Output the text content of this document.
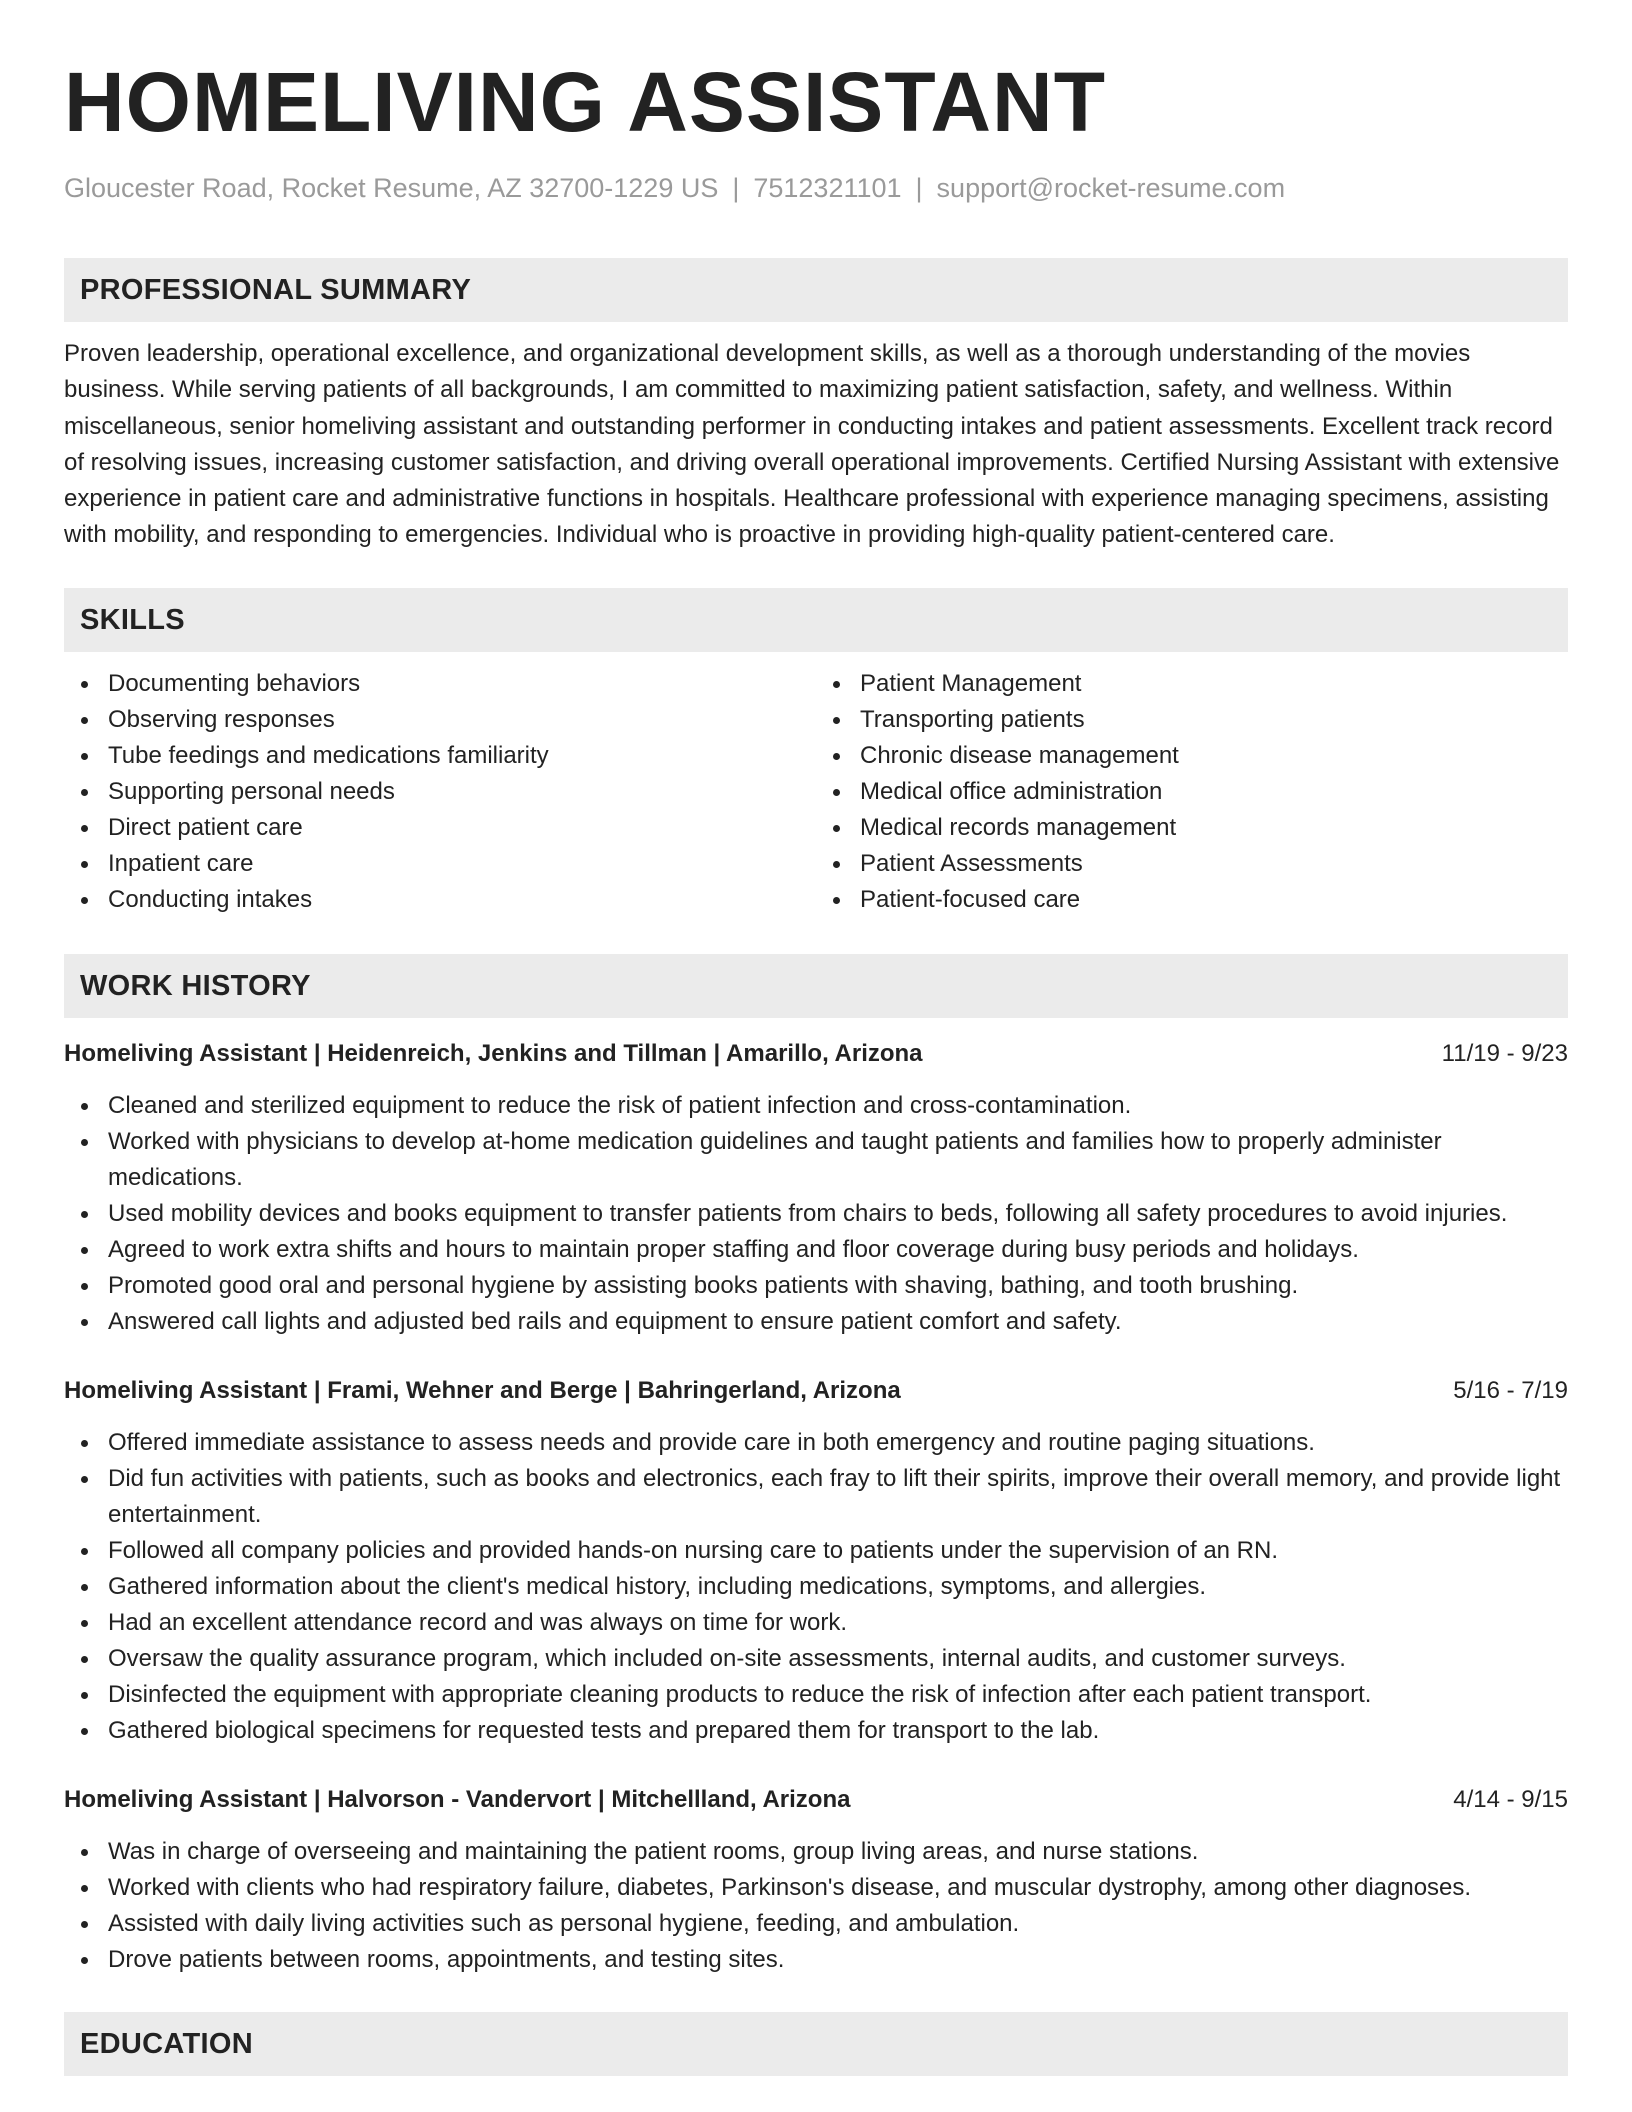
HOMELIVING ASSISTANT
Gloucester Road, Rocket Resume, AZ 32700-1229 US | 7512321101 | support@rocket-resume.com
PROFESSIONAL SUMMARY
Proven leadership, operational excellence, and organizational development skills, as well as a thorough understanding of the movies business. While serving patients of all backgrounds, I am committed to maximizing patient satisfaction, safety, and wellness. Within miscellaneous, senior homeliving assistant and outstanding performer in conducting intakes and patient assessments. Excellent track record of resolving issues, increasing customer satisfaction, and driving overall operational improvements. Certified Nursing Assistant with extensive experience in patient care and administrative functions in hospitals. Healthcare professional with experience managing specimens, assisting with mobility, and responding to emergencies. Individual who is proactive in providing high-quality patient-centered care.
SKILLS
Documenting behaviors
Observing responses
Tube feedings and medications familiarity
Supporting personal needs
Direct patient care
Inpatient care
Conducting intakes
Patient Management
Transporting patients
Chronic disease management
Medical office administration
Medical records management
Patient Assessments
Patient-focused care
WORK HISTORY
Homeliving Assistant | Heidenreich, Jenkins and Tillman | Amarillo, Arizona	11/19 - 9/23
Cleaned and sterilized equipment to reduce the risk of patient infection and cross-contamination.
Worked with physicians to develop at-home medication guidelines and taught patients and families how to properly administer medications.
Used mobility devices and books equipment to transfer patients from chairs to beds, following all safety procedures to avoid injuries.
Agreed to work extra shifts and hours to maintain proper staffing and floor coverage during busy periods and holidays.
Promoted good oral and personal hygiene by assisting books patients with shaving, bathing, and tooth brushing.
Answered call lights and adjusted bed rails and equipment to ensure patient comfort and safety.
Homeliving Assistant | Frami, Wehner and Berge | Bahringerland, Arizona	5/16 - 7/19
Offered immediate assistance to assess needs and provide care in both emergency and routine paging situations.
Did fun activities with patients, such as books and electronics, each fray to lift their spirits, improve their overall memory, and provide light entertainment.
Followed all company policies and provided hands-on nursing care to patients under the supervision of an RN.
Gathered information about the client's medical history, including medications, symptoms, and allergies.
Had an excellent attendance record and was always on time for work.
Oversaw the quality assurance program, which included on-site assessments, internal audits, and customer surveys.
Disinfected the equipment with appropriate cleaning products to reduce the risk of infection after each patient transport.
Gathered biological specimens for requested tests and prepared them for transport to the lab.
Homeliving Assistant | Halvorson - Vandervort | Mitchellland, Arizona	4/14 - 9/15
Was in charge of overseeing and maintaining the patient rooms, group living areas, and nurse stations.
Worked with clients who had respiratory failure, diabetes, Parkinson's disease, and muscular dystrophy, among other diagnoses.
Assisted with daily living activities such as personal hygiene, feeding, and ambulation.
Drove patients between rooms, appointments, and testing sites.
EDUCATION
